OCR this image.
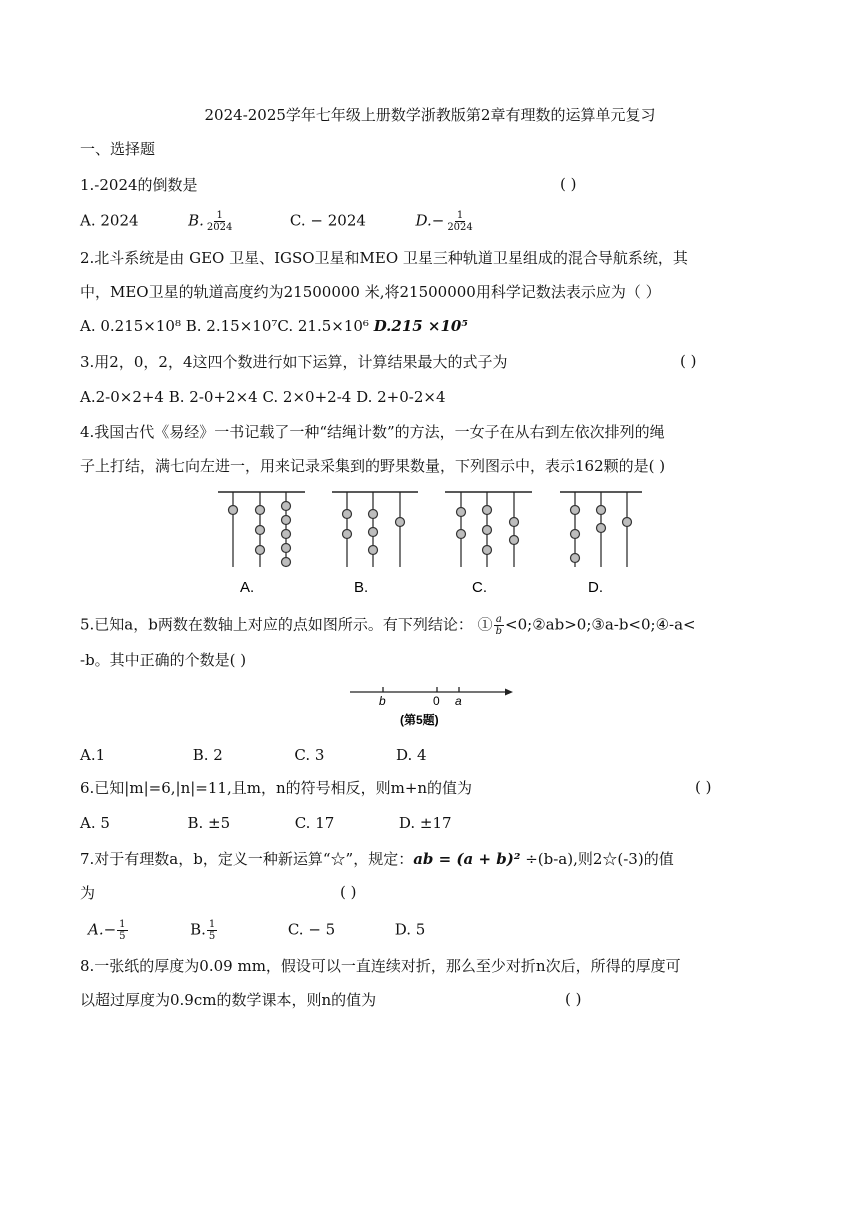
2024-2025学年七年级上册数学浙教版第2章有理数的运算单元复习
一、选择题
1.-2024的倒数是	( )
A. 2024	B. $\frac{1}{2024}$	C. − 2024	$D.- \frac{1}{2024}$
2.北斗系统是由 GEO 卫星、IGSO卫星和MEO 卫星三种轨道卫星组成的混合导航系统，其
中，MEO卫星的轨道高度约为21500000 米,将21500000用科学记数法表示应为（ ）
A. 0.215×10⁸ B. 2.15×10⁷C. 21.5×10⁶ D.215 ×10⁵
3.用2，0，2，4这四个数进行如下运算，计算结果最大的式子为	( )
A.2-0×2+4 B. 2-0+2×4 C. 2×0+2-4 D. 2+0-2×4
4.我国古代《易经》一书记载了一种“结绳计数”的方法，一女子在从右到左依次排列的绳
子上打结，满七向左进一，用来记录采集到的野果数量，下列图示中，表示162颗的是( )
A.	B.	C.	D.
5.已知a，b两数在数轴上对应的点如图所示。有下列结论： ① $\frac{a}{b}$ <0;②ab>0;③a-b<0;④-a<
-b。其中正确的个数是( )
b	0 a
(第5题)
A.1	B. 2	C. 3	D. 4
6.已知|m|=6,|n|=11,且m，n的符号相反，则m+n的值为	( )
A. 5	B. ±5	C. 17	D. ±17
7.对于有理数a，b，定义一种新运算“☆”，规定：ab = (a + b)² ÷(b-a),则2☆(-3)的值
为	( )
$A.- \frac{1}{5}$	B. $\frac{1}{5}$	C. − 5	D. 5
8.一张纸的厚度为0.09 mm，假设可以一直连续对折，那么至少对折n次后，所得的厚度可
以超过厚度为0.9cm的数学课本，则n的值为	( )
